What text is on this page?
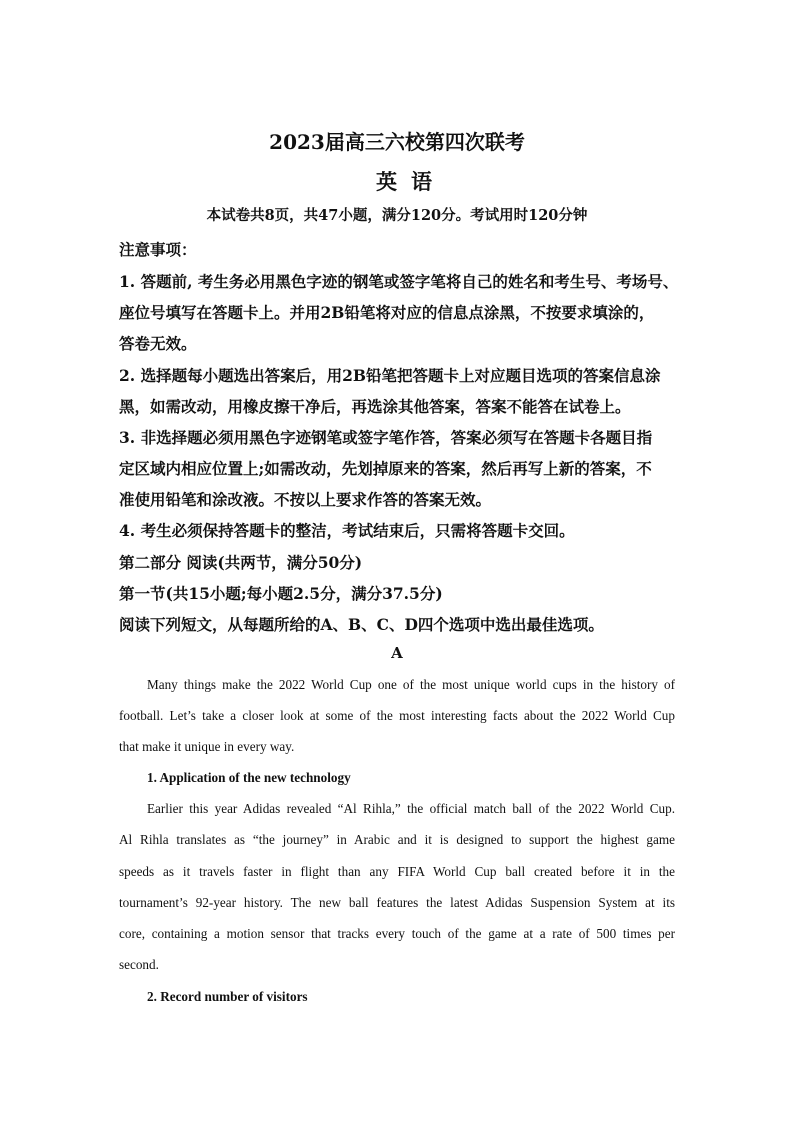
2023届高三六校第四次联考
英语
本试卷共8页，共47小题，满分120分。考试用时120分钟
注意事项：
1. 答题前, 考生务必用黑色字迹的钢笔或签字笔将自己的姓名和考生号、考场号、
座位号填写在答题卡上。并用2B铅笔将对应的信息点涂黑，不按要求填涂的，
答卷无效。
2. 选择题每小题选出答案后，用2B铅笔把答题卡上对应题目选项的答案信息涂
黑，如需改动，用橡皮擦干净后，再选涂其他答案，答案不能答在试卷上。
3. 非选择题必须用黑色字迹钢笔或签字笔作答，答案必须写在答题卡各题目指
定区域内相应位置上;如需改动，先划掉原来的答案，然后再写上新的答案，不
准使用铅笔和涂改液。不按以上要求作答的答案无效。
4. 考生必须保持答题卡的整洁，考试结束后，只需将答题卡交回。
第二部分 阅读(共两节，满分50分)
第一节(共15小题;每小题2.5分，满分37.5分)
阅读下列短文，从每题所给的A、B、C、D四个选项中选出最佳选项。
A
Many things make the 2022 World Cup one of the most unique world cups in the history of
football. Let’s take a closer look at some of the most interesting facts about the 2022 World Cup
that make it unique in every way.
1. Application of the new technology
Earlier this year Adidas revealed “Al Rihla,” the official match ball of the 2022 World Cup.
Al Rihla translates as “the journey” in Arabic and it is designed to support the highest game
speeds as it travels faster in flight than any FIFA World Cup ball created before it in the
tournament’s 92-year history. The new ball features the latest Adidas Suspension System at its
core, containing a motion sensor that tracks every touch of the game at a rate of 500 times per
second.
2. Record number of visitors
